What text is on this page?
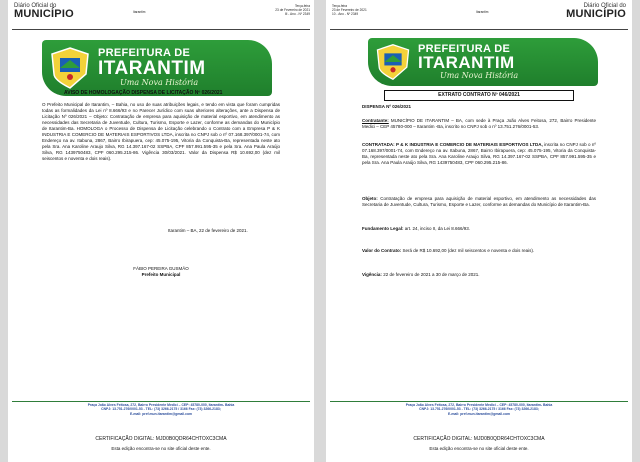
Diário Oficial do
MUNICÍPIO	Itarantim
Terça-feira
23 de Fevereiro de 2021
III - Ano - Nº 2349
PREFEITURA DE
ITARANTIM
Uma Nova História
AVISO DE HOMOLOGAÇÃO DISPENSA DE LICITAÇÃO Nº 026/2021
O Prefeito Municipal de Itarantim, – Bahia, no uso de suas atribuições legais, e tendo em vista que foram cumpridas todas as formalidades da Lei nº 8.666/93 e no Parecer Jurídico com suas ulteriores alterações, ante a Dispensa de Licitação Nº 026/2021 – Objeto: Contratação de empresa para aquisição de material esportivo, em atendimento as necessidades das Secretaria de Juventude, Cultura, Turismo, Esporte e Lazer, conforme as demandas do Município de Itarantim-Ba. HOMOLOGA o Processo de Dispensa de Licitação celebrando o Contrato com a Empresa P & K INDUSTRIA E COMERCIO DE MATERIAIS ESPORTIVOS LTDA, inscrita no CNPJ sob o nº 07.168.397/0001-74, com Endereço na av. Itabuna, 2867, Bairro Ibirapuera, cep: 45.075-195, Vitoria da Conquista-Ba, representada neste ato pela Sra. Ana Karoline Araujo Silva, RG 14.397.167-02 SSPBA, CPF 857.991.595-35 e pela Sra. Ana Paula Araújo Silva, RG 1439750483, CPF 060.295.215-86. Vigência 30/03/2021. Valor da Dispensa R$ 10.692,00 (dez mil seiscentos e noventa e dois reais).
Itarantim – BA, 22 de fevereiro de 2021.
FÁBIO PEREIRA GUSMÃO
Prefeito Municipal
Praça João Alves Feitosa, 272, Bairro Presidente Medici – CEP: 45780-000, Itarantim- Bahia
CNPJ: 13.751.276/0001-53 - TEL: (73) 3266-2175 / 3166 Fax: (73) 3266-2183;
E-mail: pref.mun.itarantim@gmail.com
CERTIFICAÇÃO DIGITAL: MJD0B0QDR64CHTOXC3CMA
Esta edição encontra-se no site oficial deste ente.
Terça-feira
23 de Fevereiro de 2021
10 - Ano - Nº 2349	Itarantim
Diário Oficial do
MUNICÍPIO
PREFEITURA DE
ITARANTIM
Uma Nova História
EXTRATO CONTRATO Nº 046/2021
DISPENSA Nº 026/2021
Contratante: MUNICÍPIO DE ITARANTIM – BA, com sede à Praça João Alves Feitosa, 272, Bairro Presidente Medici – CEP 45780-000 – Itarantim -Ba, inscrito no CNPJ sob o nº 13.751.276/0001-53.
CONTRATADA: P & K INDUSTRIA E COMERCIO DE MATERIAIS ESPORTIVOS LTDA, inscrita no CNPJ sob o nº 07.168.397/0001-74, com Endereço na av. Itabuna, 2867, Bairro Ibirapuera, cep: 45.075-195, Vitoria da Conquista-Ba, representada neste ato pela Sra. Ana Karoline Araujo Silva, RG 14.397.167-02 SSPBA, CPF 857.991.595-35 e pela Sra. Ana Paula Araújo Silva, RG 1439750483, CPF 060.295.215-86.
Objeto: Contratação de empresa para aquisição de material esportivo, em atendimento as necessidades das Secretaria de Juventude, Cultura, Turismo, Esporte e Lazer, conforme as demandas do Município de Itarantim-Ba.
Fundamento Legal: art. 24, inciso II, da Lei 8.666/93.
Valor do Contrato: Será de R$ 10.692,00 (dez mil seiscentos e noventa e dois reais).
Vigência: 22 de fevereiro de 2021 a 30 de março de 2021.
Praça João Alves Feitosa, 272, Bairro Presidente Medici – CEP: 45780-000, Itarantim- Bahia
CNPJ: 13.751.276/0001-53 - TEL: (73) 3266-2175 / 3166 Fax: (73) 3266-2183;
E-mail: pref.mun.itarantim@gmail.com
CERTIFICAÇÃO DIGITAL: MJD0B0QDR64CHTOXC3CMA
Esta edição encontra-se no site oficial deste ente.
